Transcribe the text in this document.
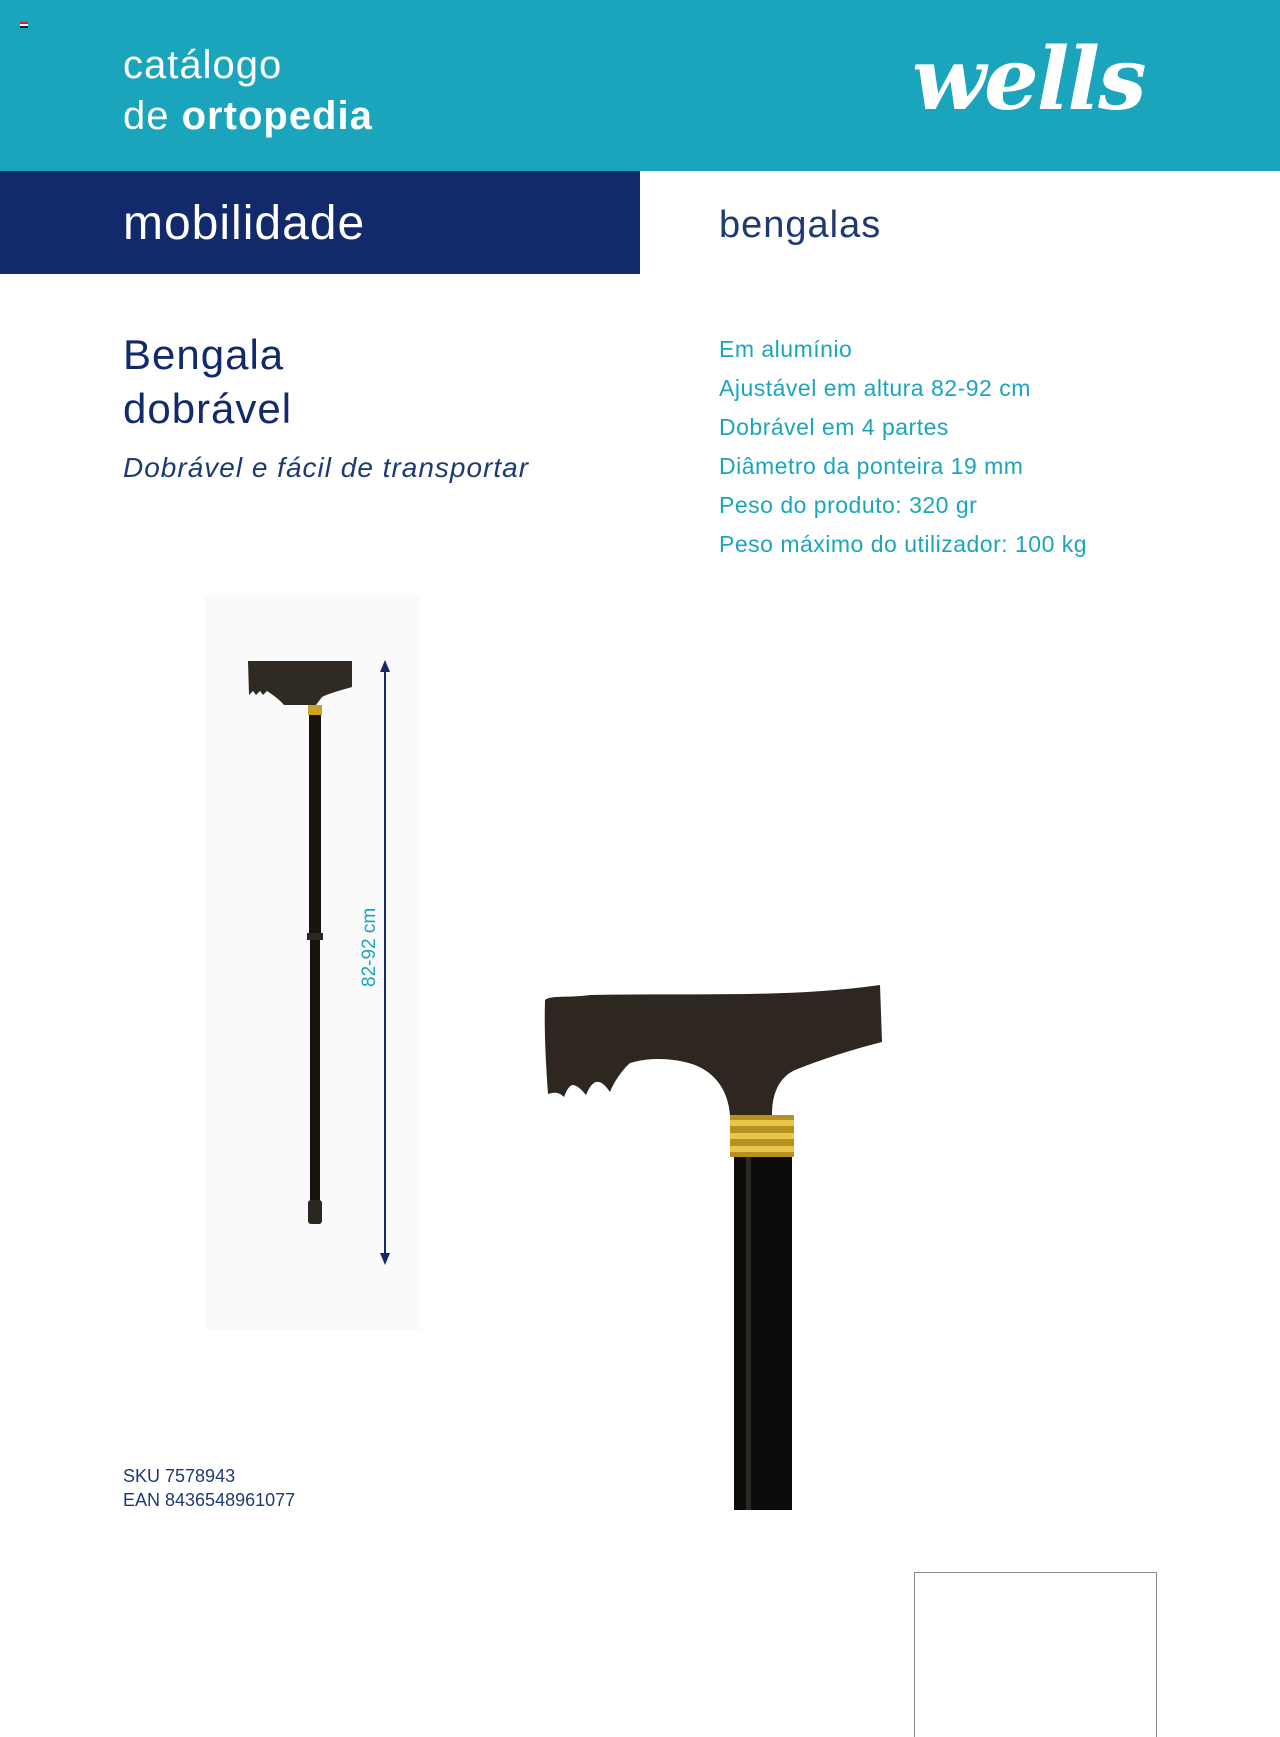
catálogo
de ortopedia	wells
mobilidade	bengalas
Bengala
dobrável
Dobrável e fácil de transportar
Em alumínio
Ajustável em altura 82-92 cm
Dobrável em 4 partes
Diâmetro da ponteira 19 mm
Peso do produto: 320 gr
Peso máximo do utilizador: 100 kg
82-92 cm
SKU 7578943
EAN 8436548961077
